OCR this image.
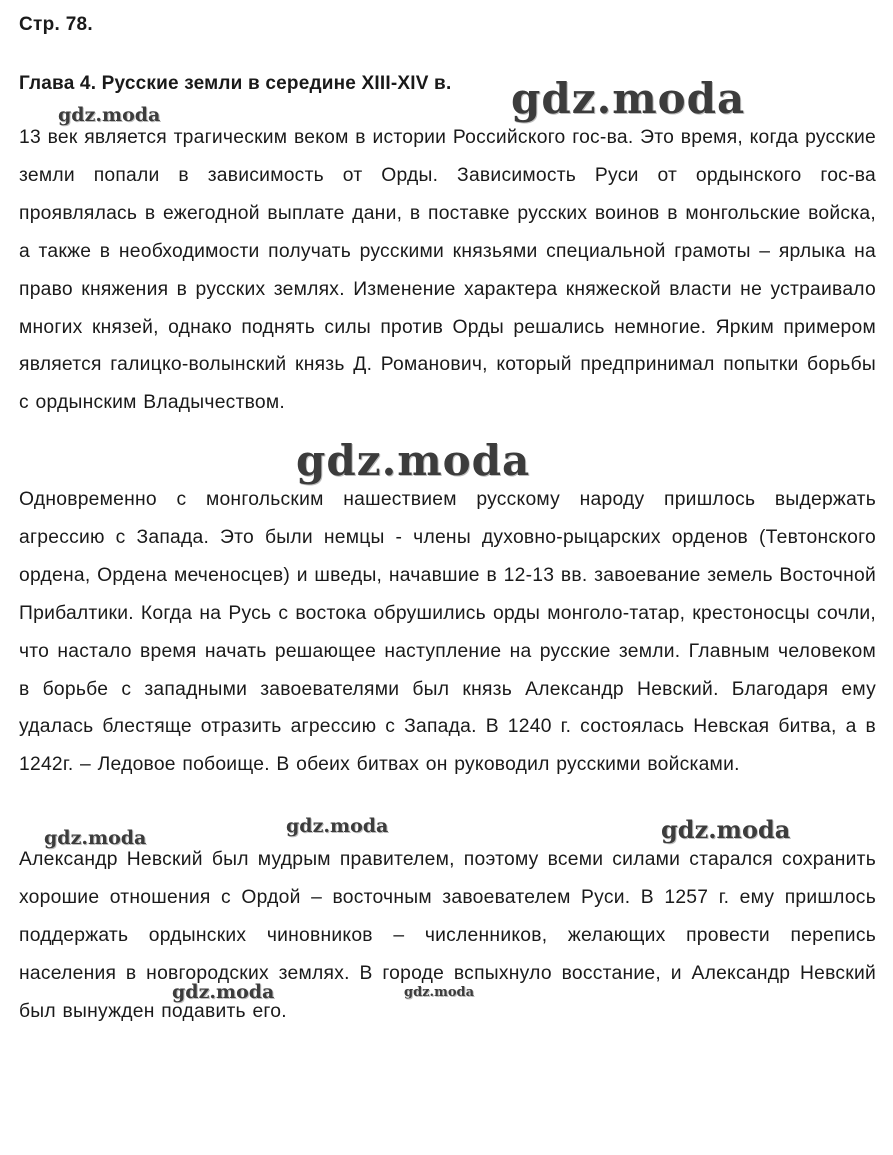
Стр. 78.
Глава 4. Русские земли в середине XIII-XIV в.

13 век является трагическим веком в истории Российского гос-ва. Это время, когда русские земли попали в зависимость от Орды. Зависимость Руси от ордынского гос-ва проявлялась в ежегодной выплате дани, в поставке русских воинов в монгольские войска, а также в необходимости получать русскими князьями специальной грамоты – ярлыка на право княжения в русских землях. Изменение характера княжеской власти не устраивало многих князей, однако поднять силы против Орды решались немногие. Ярким примером является галицко-волынский князь Д. Романович, который предпринимал попытки борьбы с ордынским Владычеством.

Одновременно с монгольским нашествием русскому народу пришлось выдержать агрессию с Запада. Это были немцы - члены духовно-рыцарских орденов (Тевтонского ордена, Ордена меченосцев) и шведы, начавшие в 12-13 вв. завоевание земель Восточной Прибалтики. Когда на Русь с востока обрушились орды монголо-татар, крестоносцы сочли, что настало время начать решающее наступление на русские земли. Главным человеком в борьбе с западными завоевателями был князь Александр Невский. Благодаря ему удалась блестяще отразить агрессию с Запада. В 1240 г. состоялась Невская битва, а в 1242г. – Ледовое побоище. В обеих битвах он руководил русскими войсками.

Александр Невский был мудрым правителем, поэтому всеми силами старался сохранить хорошие отношения с Ордой – восточным завоевателем Руси. В 1257 г. ему пришлось поддержать ордынских чиновников – численников, желающих провести перепись населения в новгородских землях. В городе вспыхнуло восстание, и Александр Невский был вынужден подавить его.

gdz.moda
gdz.moda
gdz.moda
gdz.moda
gdz.moda	gdz.moda
gdz.moda	gdz.moda
